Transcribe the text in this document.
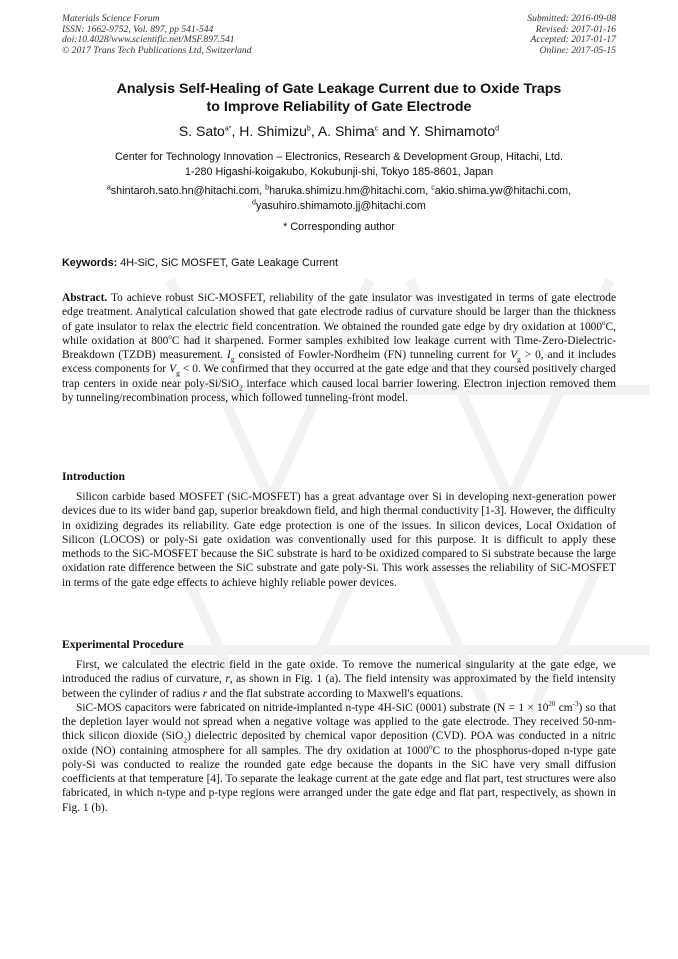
Materials Science Forum
ISSN: 1662-9752, Vol. 897, pp 541-544
doi:10.4028/www.scientific.net/MSF.897.541
© 2017 Trans Tech Publications Ltd, Switzerland
Submitted: 2016-09-08
Revised: 2017-01-16
Accepted: 2017-01-17
Online: 2017-05-15
Analysis Self-Healing of Gate Leakage Current due to Oxide Traps
to Improve Reliability of Gate Electrode
S. Sato$^{a*}$, H. Shimizu$^b$, A. Shima$^c$ and Y. Shimamoto$^d$
Center for Technology Innovation – Electronics, Research & Development Group, Hitachi, Ltd.
1-280 Higashi-koigakubo, Kokubunji-shi, Tokyo 185-8601, Japan
$^a$shintaroh.sato.hn@hitachi.com, $^b$haruka.shimizu.hm@hitachi.com, $^c$akio.shima.yw@hitachi.com,
$^d$yasuhiro.shimamoto.jj@hitachi.com
* Corresponding author
Keywords: 4H-SiC, SiC MOSFET, Gate Leakage Current
Abstract. To achieve robust SiC-MOSFET, reliability of the gate insulator was investigated in terms of gate electrode edge treatment. Analytical calculation showed that gate electrode radius of curvature should be larger than the thickness of gate insulator to relax the electric field concentration. We obtained the rounded gate edge by dry oxidation at 1000$^o$C, while oxidation at 800$^o$C had it sharpened. Former samples exhibited low leakage current with Time-Zero-Dielectric-Breakdown (TZDB) measurement. $I_g$ consisted of Fowler-Nordheim (FN) tunneling current for $V_g > 0$, and it includes excess components for $V_g < 0$. We confirmed that they occurred at the gate edge and that they coursed positively charged trap centers in oxide near poly-Si/SiO$_2$ interface which caused local barrier lowering. Electron injection removed them by tunneling/recombination process, which followed tunneling-front model.
Introduction

Silicon carbide based MOSFET (SiC-MOSFET) has a great advantage over Si in developing next-generation power devices due to its wider band gap, superior breakdown field, and high thermal conductivity [1-3]. However, the difficulty in oxidizing degrades its reliability. Gate edge protection is one of the issues. In silicon devices, Local Oxidation of Silicon (LOCOS) or poly-Si gate oxidation was conventionally used for this purpose. It is difficult to apply these methods to the SiC-MOSFET because the SiC substrate is hard to be oxidized compared to Si substrate because the large oxidation rate difference between the SiC substrate and gate poly-Si. This work assesses the reliability of SiC-MOSFET in terms of the gate edge effects to achieve highly reliable power devices.

Experimental Procedure

First, we calculated the electric field in the gate oxide. To remove the numerical singularity at the gate edge, we introduced the radius of curvature, r, as shown in Fig. 1 (a). The field intensity was approximated by the field intensity between the cylinder of radius r and the flat substrate according to Maxwell's equations.

SiC-MOS capacitors were fabricated on nitride-implanted n-type 4H-SiC (0001) substrate ($N = 1 \times 10^{20}$ $cm^{-3}$) so that the depletion layer would not spread when a negative voltage was applied to the gate electrode. They received 50-nm-thick silicon dioxide (SiO$_2$) dielectric deposited by chemical vapor deposition (CVD). POA was conducted in a nitric oxide (NO) containing atmosphere for all samples. The dry oxidation at 1000$^o$C to the phosphorus-doped n-type gate poly-Si was conducted to realize the rounded gate edge because the dopants in the SiC have very small diffusion coefficients at that temperature [4]. To separate the leakage current at the gate edge and flat part, test structures were also fabricated, in which n-type and p-type regions were arranged under the gate edge and flat part, respectively, as shown in Fig. 1 (b).
